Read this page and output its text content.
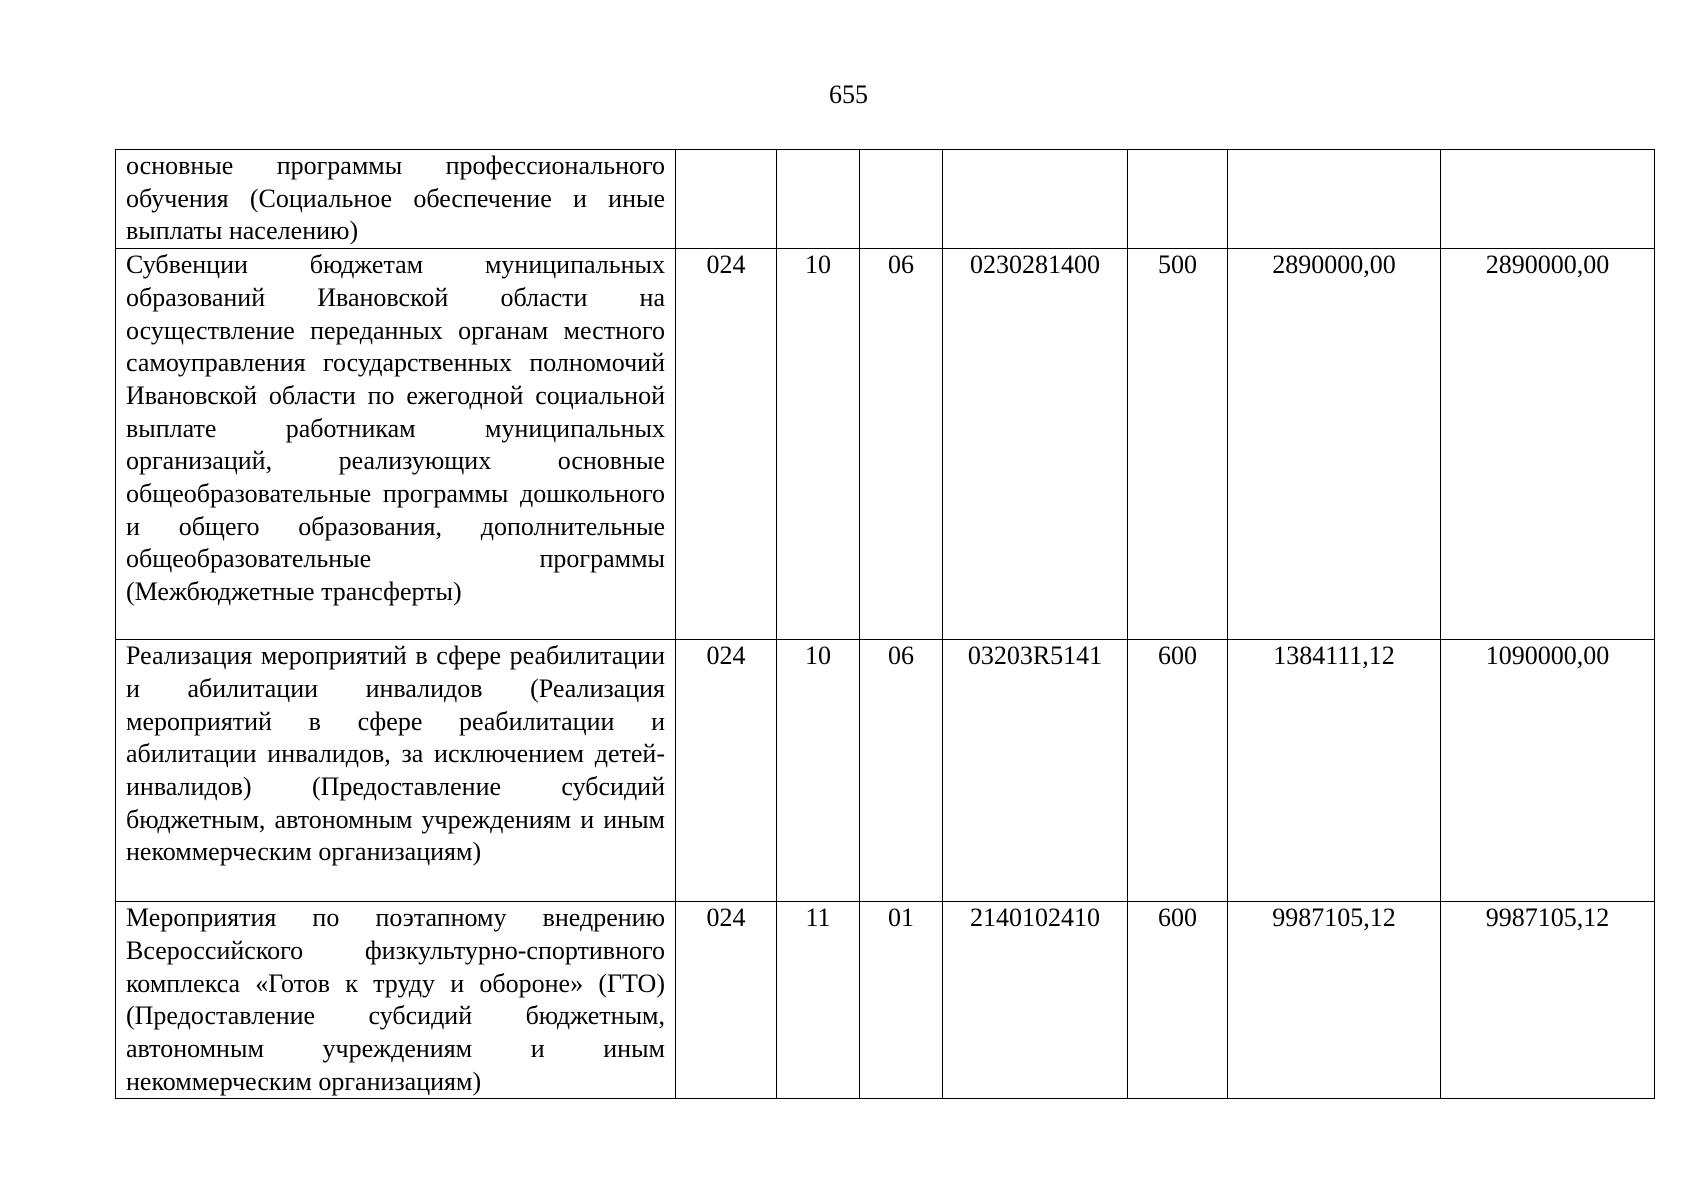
655
основные программы профессионального обучения (Социальное обеспечение и иные выплаты населению)							
Субвенции бюджетам муниципальных образований Ивановской области на осуществление переданных органам местного самоуправления государственных полномочий Ивановской области по ежегодной социальной выплате работникам муниципальных организаций, реализующих основные общеобразовательные программы дошкольного и общего образования, дополнительные общеобразовательные программы (Межбюджетные трансферты)	024	10	06	0230281400	500	2890000,00	2890000,00
Реализация мероприятий в сфере реабилитации и абилитации инвалидов (Реализация мероприятий в сфере реабилитации и абилитации инвалидов, за исключением детей-инвалидов) (Предоставление субсидий бюджетным, автономным учреждениям и иным некоммерческим организациям)	024	10	06	03203R5141	600	1384111,12	1090000,00
Мероприятия по поэтапному внедрению Всероссийского физкультурно-спортивного комплекса «Готов к труду и обороне» (ГТО) (Предоставление субсидий бюджетным, автономным учреждениям и иным некоммерческим организациям)	024	11	01	2140102410	600	9987105,12	9987105,12
